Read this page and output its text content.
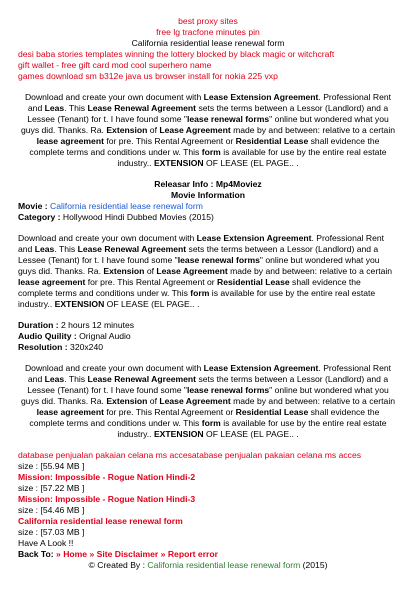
best proxy sites
free lg tracfone minutes pin
California residential lease renewal form
desi baba stories templates winning the lottery blocked by black magic or witchcraft
gift wallet - free gift card mod cool superhero name
games download sm b312e java us browser install for nokia 225 vxp

Download and create your own document with Lease Extension Agreement. Professional Rent and Leas. This Lease Renewal Agreement sets the terms between a Lessor (Landlord) and a Lessee (Tenant) for t. I have found some "lease renewal forms" online but wondered what you guys did. Thanks. Ra. Extension of Lease Agreement made by and between: relative to a certain lease agreement for pre. This Rental Agreement or Residential Lease shall evidence the complete terms and conditions under w. This form is available for use by the entire real estate industry.. EXTENSION OF LEASE (EL PAGE.. .

Releasar Info : Mp4Moviez
Movie Information
Movie : California residential lease renewal form
Category : Hollywood Hindi Dubbed Movies (2015)

Download and create your own document with Lease Extension Agreement. Professional Rent and Leas. This Lease Renewal Agreement sets the terms between a Lessor (Landlord) and a Lessee (Tenant) for t. I have found some "lease renewal forms" online but wondered what you guys did. Thanks. Ra. Extension of Lease Agreement made by and between: relative to a certain lease agreement for pre. This Rental Agreement or Residential Lease shall evidence the complete terms and conditions under w. This form is available for use by the entire real estate industry.. EXTENSION OF LEASE (EL PAGE.. .

Duration : 2 hours 12 minutes
Audio Quility : Orignal Audio
Resolution : 320x240

Download and create your own document with Lease Extension Agreement. Professional Rent and Leas. This Lease Renewal Agreement sets the terms between a Lessor (Landlord) and a Lessee (Tenant) for t. I have found some "lease renewal forms" online but wondered what you guys did. Thanks. Ra. Extension of Lease Agreement made by and between: relative to a certain lease agreement for pre. This Rental Agreement or Residential Lease shall evidence the complete terms and conditions under w. This form is available for use by the entire real estate industry.. EXTENSION OF LEASE (EL PAGE.. .

database penjualan pakaian celana ms accesatabase penjualan pakaian celana ms acces
size : [55.94 MB ]
Mission: Impossible - Rogue Nation Hindi-2
size : [57.22 MB ]
Mission: Impossible - Rogue Nation Hindi-3
size : [54.46 MB ]
California residential lease renewal form
size : [57.03 MB ]
Have A Look !!
Back To: » Home » Site Disclaimer » Report error
© Created By : California residential lease renewal form (2015)
